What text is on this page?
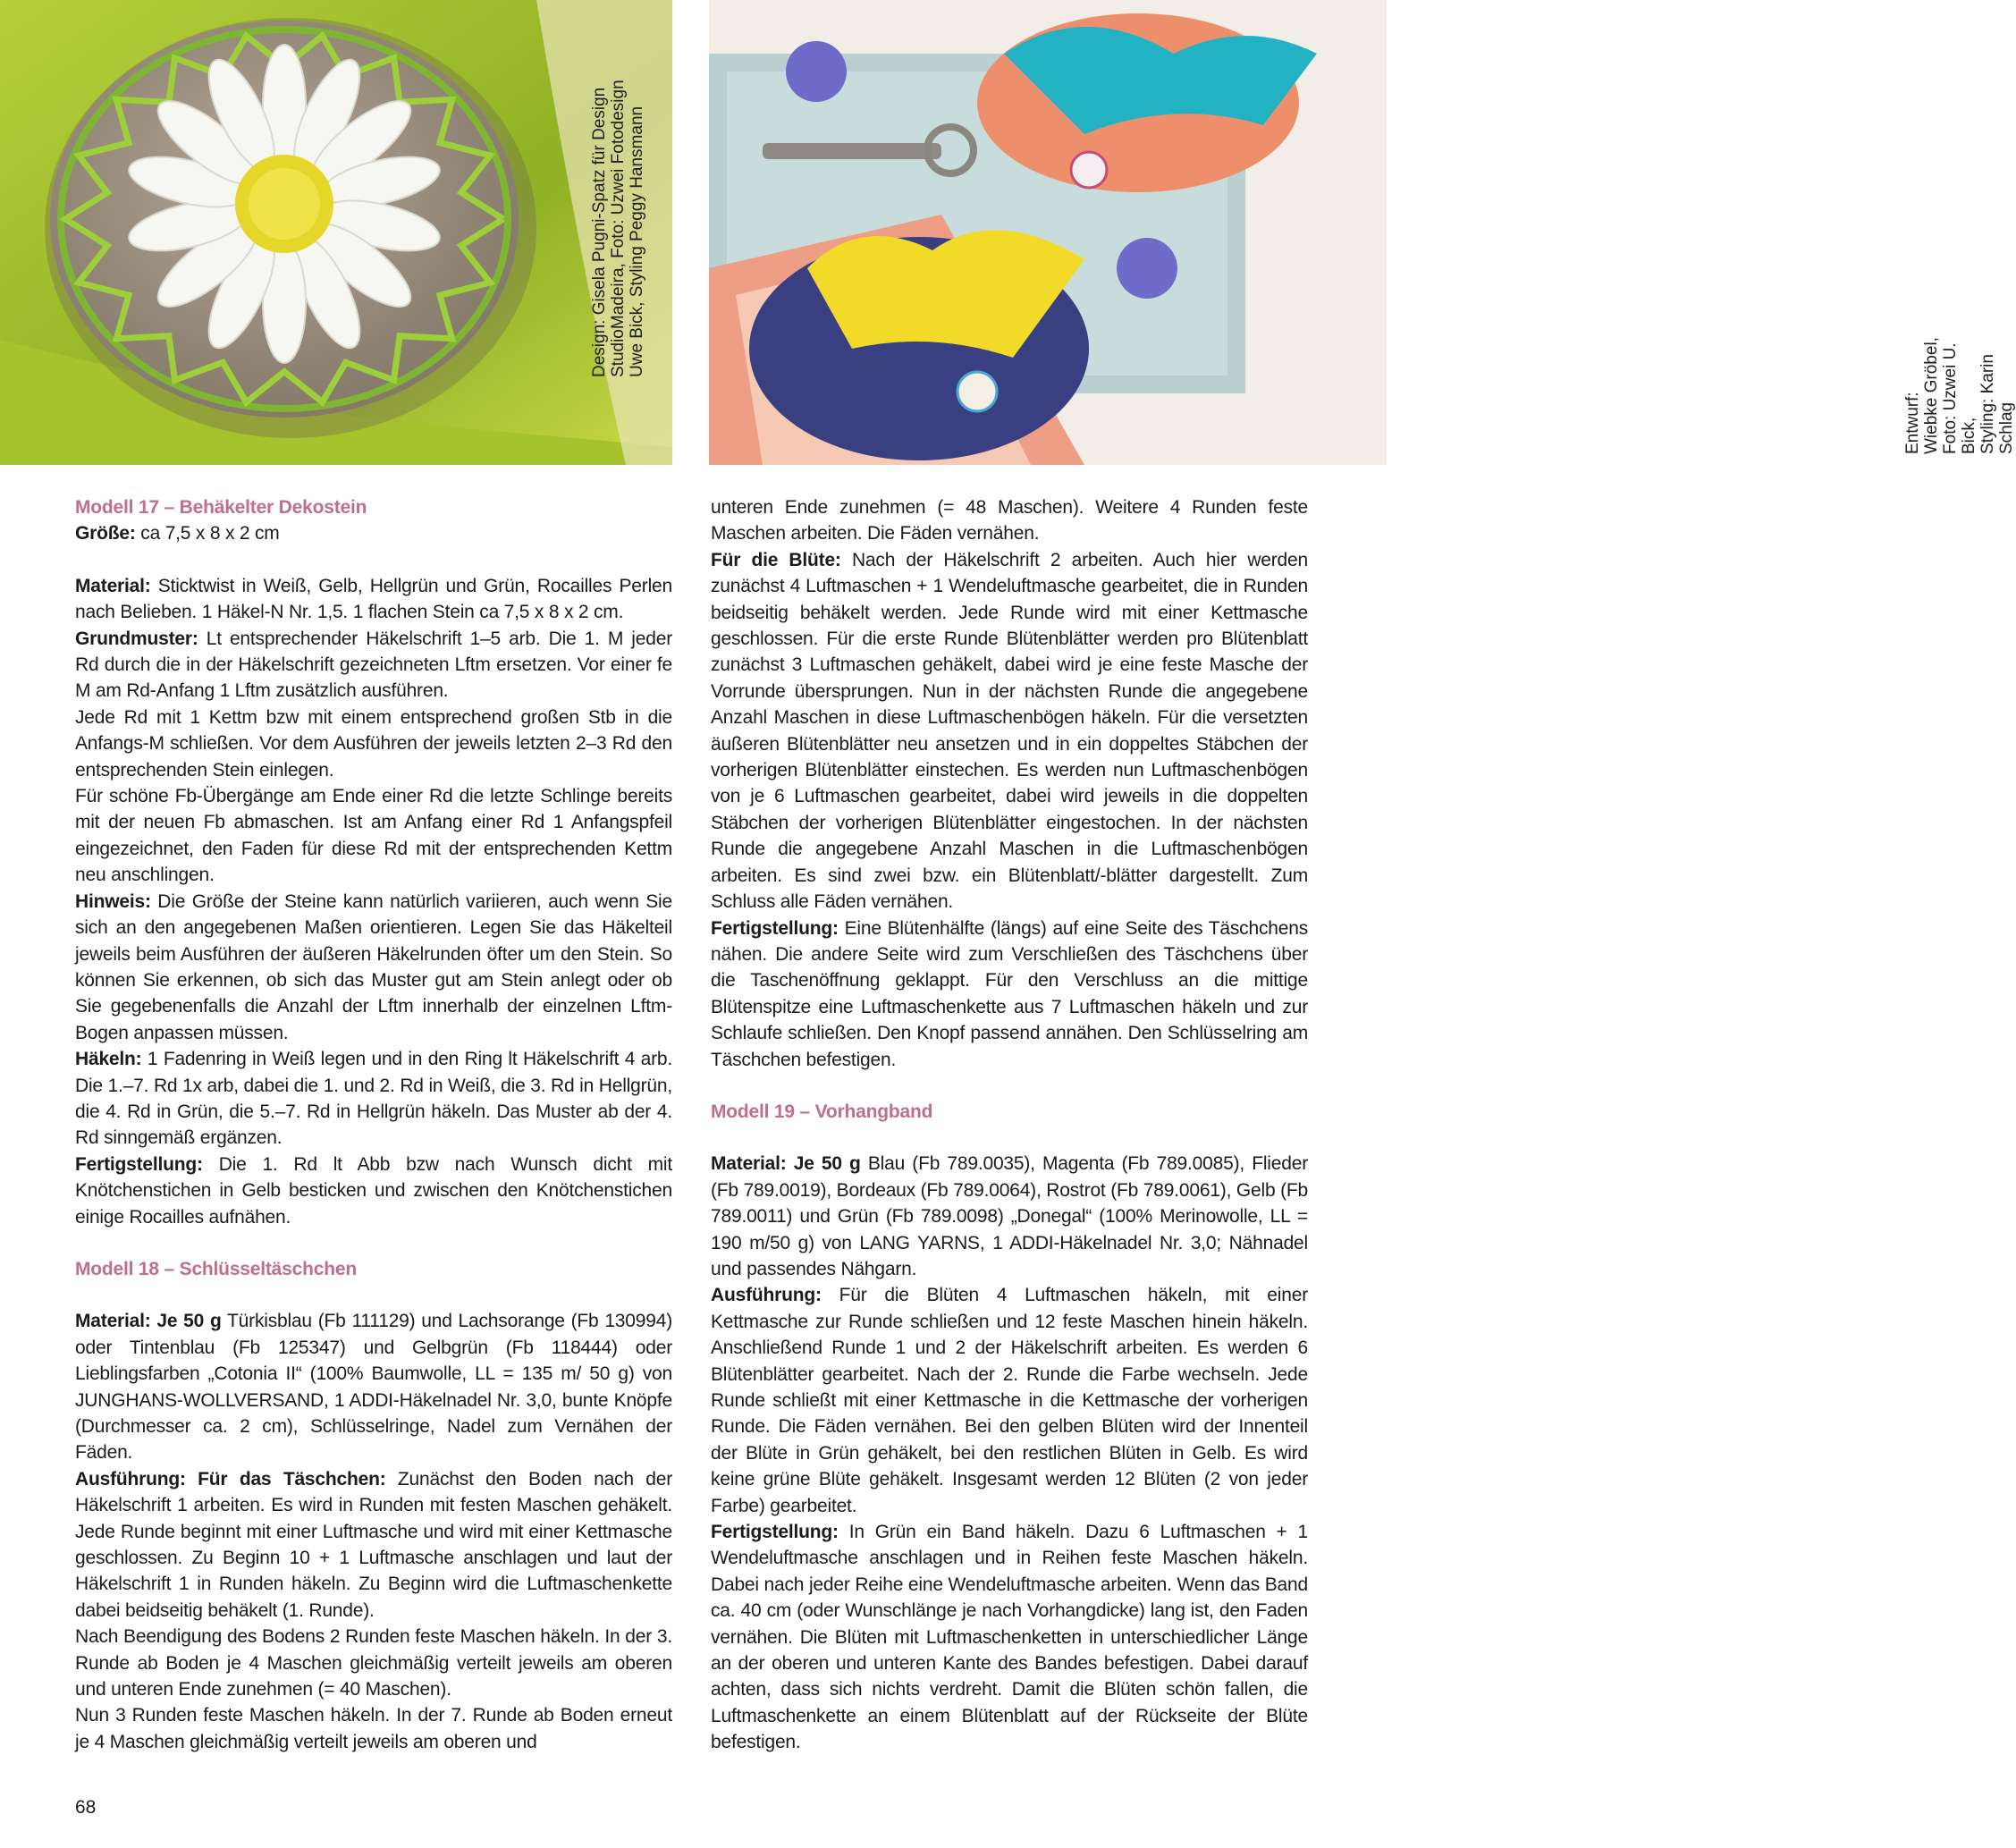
Design: Gisela Pugni-Spatz für Design StudioMadeira, Foto: Uzwei Fotodesign Uwe Bick, Styling Peggy Hansmann
Entwurf: Wiebke Gröbel, Foto: Uzwei U. Bick, Styling: Karin Schlag

Modell 17 – Behäkelter Dekostein

Größe: ca 7,5 x 8 x 2 cm

Material: Sticktwist in Weiß, Gelb, Hellgrün und Grün, Rocailles Perlen nach Belieben. 1 Häkel-N Nr. 1,5. 1 flachen Stein ca 7,5 x 8 x 2 cm.

Grundmuster: Lt entsprechender Häkelschrift 1–5 arb. Die 1. M jeder Rd durch die in der Häkelschrift gezeichneten Lftm ersetzen. Vor einer fe M am Rd-Anfang 1 Lftm zusätzlich ausführen.

Jede Rd mit 1 Kettm bzw mit einem entsprechend großen Stb in die Anfangs-M schließen. Vor dem Ausführen der jeweils letzten 2–3 Rd den entsprechenden Stein einlegen.

Für schöne Fb-Übergänge am Ende einer Rd die letzte Schlinge bereits mit der neuen Fb abmaschen. Ist am Anfang einer Rd 1 Anfangspfeil eingezeichnet, den Faden für diese Rd mit der entsprechenden Kettm neu anschlingen.

Hinweis: Die Größe der Steine kann natürlich variieren, auch wenn Sie sich an den angegebenen Maßen orientieren. Legen Sie das Häkelteil jeweils beim Ausführen der äußeren Häkelrunden öfter um den Stein. So können Sie erkennen, ob sich das Muster gut am Stein anlegt oder ob Sie gegebenenfalls die Anzahl der Lftm innerhalb der einzelnen Lftm-Bogen anpassen müssen.

Häkeln: 1 Fadenring in Weiß legen und in den Ring lt Häkelschrift 4 arb. Die 1.–7. Rd 1x arb, dabei die 1. und 2. Rd in Weiß, die 3. Rd in Hellgrün, die 4. Rd in Grün, die 5.–7. Rd in Hellgrün häkeln. Das Muster ab der 4. Rd sinngemäß ergänzen.

Fertigstellung: Die 1. Rd lt Abb bzw nach Wunsch dicht mit Knötchenstichen in Gelb besticken und zwischen den Knötchenstichen einige Rocailles aufnähen.

Modell 18 – Schlüsseltäschchen

Material: Je 50 g Türkisblau (Fb 111129) und Lachsorange (Fb 130994) oder Tintenblau (Fb 125347) und Gelbgrün (Fb 118444) oder Lieblingsfarben „Cotonia II“ (100% Baumwolle, LL = 135 m/ 50 g) von JUNGHANS-WOLLVERSAND, 1 ADDI-Häkelnadel Nr. 3,0, bunte Knöpfe (Durchmesser ca. 2 cm), Schlüsselringe, Nadel zum Vernähen der Fäden.

Ausführung: Für das Täschchen: Zunächst den Boden nach der Häkelschrift 1 arbeiten. Es wird in Runden mit festen Maschen gehäkelt. Jede Runde beginnt mit einer Luftmasche und wird mit einer Kettmasche geschlossen. Zu Beginn 10 + 1 Luftmasche anschlagen und laut der Häkelschrift 1 in Runden häkeln. Zu Beginn wird die Luftmaschenkette dabei beidseitig behäkelt (1. Runde).

Nach Beendigung des Bodens 2 Runden feste Maschen häkeln. In der 3. Runde ab Boden je 4 Maschen gleichmäßig verteilt jeweils am oberen und unteren Ende zunehmen (= 40 Maschen).

Nun 3 Runden feste Maschen häkeln. In der 7. Runde ab Boden erneut je 4 Maschen gleichmäßig verteilt jeweils am oberen und

unteren Ende zunehmen (= 48 Maschen). Weitere 4 Runden feste Maschen arbeiten. Die Fäden vernähen.

Für die Blüte: Nach der Häkelschrift 2 arbeiten. Auch hier werden zunächst 4 Luftmaschen + 1 Wendeluftmasche gearbeitet, die in Runden beidseitig behäkelt werden. Jede Runde wird mit einer Kettmasche geschlossen. Für die erste Runde Blütenblätter werden pro Blütenblatt zunächst 3 Luftmaschen gehäkelt, dabei wird je eine feste Masche der Vorrunde übersprungen. Nun in der nächsten Runde die angegebene Anzahl Maschen in diese Luftmaschenbögen häkeln. Für die versetzten äußeren Blütenblätter neu ansetzen und in ein doppeltes Stäbchen der vorherigen Blütenblätter einstechen. Es werden nun Luftmaschenbögen von je 6 Luftmaschen gearbeitet, dabei wird jeweils in die doppelten Stäbchen der vorherigen Blütenblätter eingestochen. In der nächsten Runde die angegebene Anzahl Maschen in die Luftmaschenbögen arbeiten. Es sind zwei bzw. ein Blütenblatt/-blätter dargestellt. Zum Schluss alle Fäden vernähen.

Fertigstellung: Eine Blütenhälfte (längs) auf eine Seite des Täschchens nähen. Die andere Seite wird zum Verschließen des Täschchens über die Taschenöffnung geklappt. Für den Verschluss an die mittige Blütenspitze eine Luftmaschenkette aus 7 Luftmaschen häkeln und zur Schlaufe schließen. Den Knopf passend annähen. Den Schlüsselring am Täschchen befestigen.

Modell 19 – Vorhangband

Material: Je 50 g Blau (Fb 789.0035), Magenta (Fb 789.0085), Flieder (Fb 789.0019), Bordeaux (Fb 789.0064), Rostrot (Fb 789.0061), Gelb (Fb 789.0011) und Grün (Fb 789.0098) „Donegal“ (100% Merinowolle, LL = 190 m/50 g) von LANG YARNS, 1 ADDI-Häkelnadel Nr. 3,0; Nähnadel und passendes Nähgarn.

Ausführung: Für die Blüten 4 Luftmaschen häkeln, mit einer Kettmasche zur Runde schließen und 12 feste Maschen hinein häkeln. Anschließend Runde 1 und 2 der Häkelschrift arbeiten. Es werden 6 Blütenblätter gearbeitet. Nach der 2. Runde die Farbe wechseln. Jede Runde schließt mit einer Kettmasche in die Kettmasche der vorherigen Runde. Die Fäden vernähen. Bei den gelben Blüten wird der Innenteil der Blüte in Grün gehäkelt, bei den restlichen Blüten in Gelb. Es wird keine grüne Blüte gehäkelt. Insgesamt werden 12 Blüten (2 von jeder Farbe) gearbeitet.

Fertigstellung: In Grün ein Band häkeln. Dazu 6 Luftmaschen + 1 Wendeluftmasche anschlagen und in Reihen feste Maschen häkeln. Dabei nach jeder Reihe eine Wendeluftmasche arbeiten. Wenn das Band ca. 40 cm (oder Wunschlänge je nach Vorhangdicke) lang ist, den Faden vernähen. Die Blüten mit Luftmaschenketten in unterschiedlicher Länge an der oberen und unteren Kante des Bandes befestigen. Dabei darauf achten, dass sich nichts verdreht. Damit die Blüten schön fallen, die Luftmaschenkette an einem Blütenblatt auf der Rückseite der Blüte befestigen.

68
